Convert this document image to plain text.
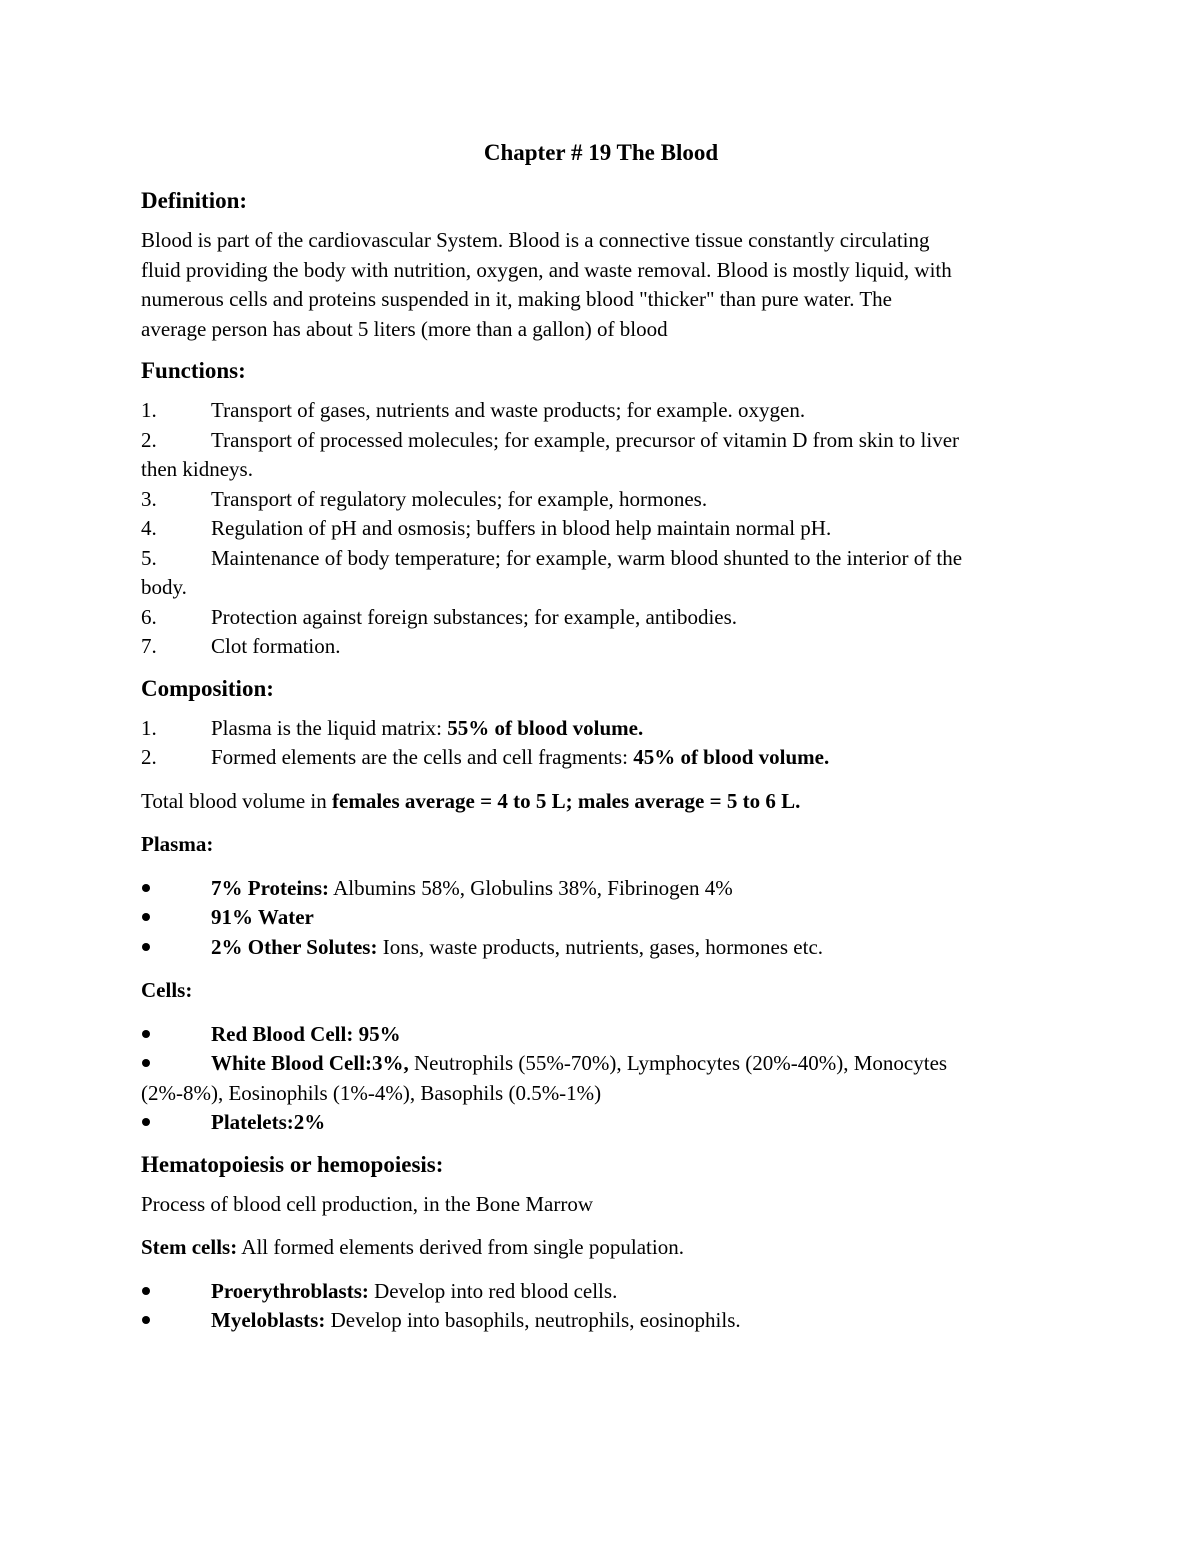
Chapter # 19 The Blood
Definition:
Blood is part of the cardiovascular System. Blood is a connective tissue constantly circulating
fluid providing the body with nutrition, oxygen, and waste removal. Blood is mostly liquid, with
numerous cells and proteins suspended in it, making blood "thicker" than pure water. The
average person has about 5 liters (more than a gallon) of blood
Functions:
1.	Transport of gases, nutrients and waste products; for example. oxygen.
2.	Transport of processed molecules; for example, precursor of vitamin D from skin to liver
then kidneys.
3.	Transport of regulatory molecules; for example, hormones.
4.	Regulation of pH and osmosis; buffers in blood help maintain normal pH.
5.	Maintenance of body temperature; for example, warm blood shunted to the interior of the
body.
6.	Protection against foreign substances; for example, antibodies.
7.	Clot formation.
Composition:
1.	Plasma is the liquid matrix: 55% of blood volume.
2.	Formed elements are the cells and cell fragments: 45% of blood volume.
Total blood volume in females average = 4 to 5 L; males average = 5 to 6 L.
Plasma:
7% Proteins: Albumins 58%, Globulins 38%, Fibrinogen 4%
91% Water
2% Other Solutes: Ions, waste products, nutrients, gases, hormones etc.
Cells:
Red Blood Cell: 95%
White Blood Cell:3%, Neutrophils (55%-70%), Lymphocytes (20%-40%), Monocytes
(2%-8%), Eosinophils (1%-4%), Basophils (0.5%-1%)
Platelets:2%
Hematopoiesis or hemopoiesis:
Process of blood cell production, in the Bone Marrow
Stem cells: All formed elements derived from single population.
Proerythroblasts: Develop into red blood cells.
Myeloblasts: Develop into basophils, neutrophils, eosinophils.
